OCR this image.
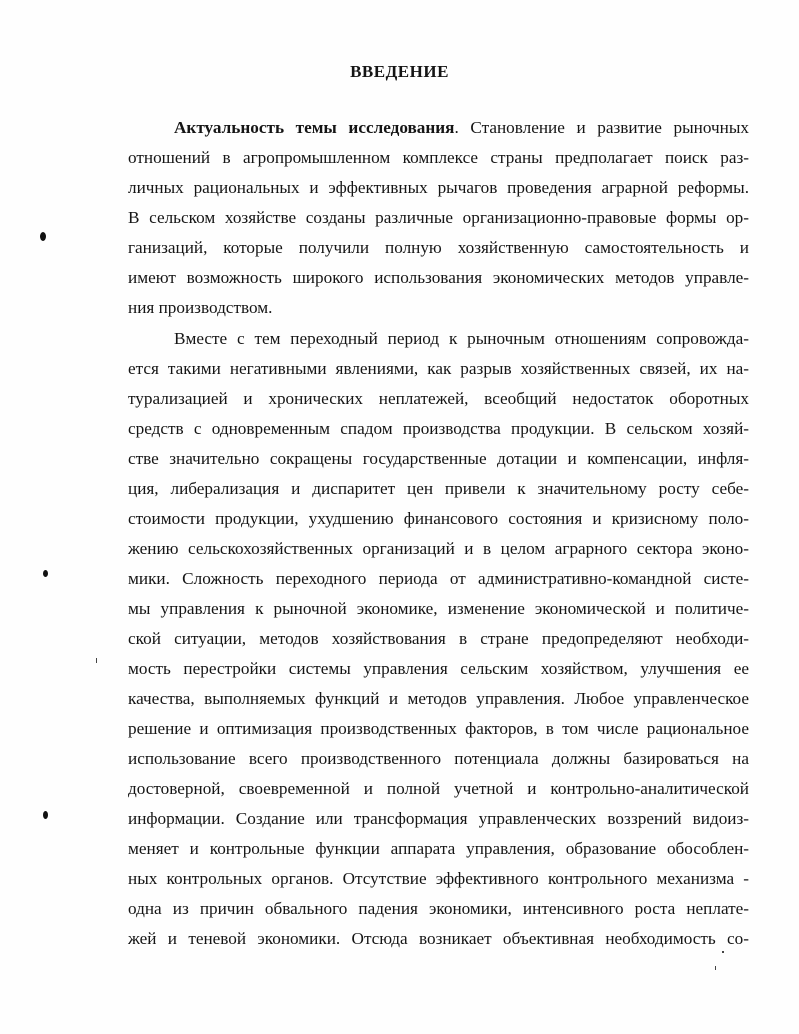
ВВЕДЕНИЕ
Актуальность темы исследования. Становление и развитие рыночных
отношений в агропромышленном комплексе страны предполагает поиск раз-
личных рациональных и эффективных рычагов проведения аграрной реформы.
В сельском хозяйстве созданы различные организационно-правовые формы ор-
ганизаций, которые получили полную хозяйственную самостоятельность и
имеют возможность широкого использования экономических методов управле-
ния производством.
Вместе с тем переходный период к рыночным отношениям сопровожда-
ется такими негативными явлениями, как разрыв хозяйственных связей, их на-
турализацией и хронических неплатежей, всеобщий недостаток оборотных
средств с одновременным спадом производства продукции. В сельском хозяй-
стве значительно сокращены государственные дотации и компенсации, инфля-
ция, либерализация и диспаритет цен привели к значительному росту себе-
стоимости продукции, ухудшению финансового состояния и кризисному поло-
жению сельскохозяйственных организаций и в целом аграрного сектора эконо-
мики. Сложность переходного периода от административно-командной систе-
мы управления к рыночной экономике, изменение экономической и политиче-
ской ситуации, методов хозяйствования в стране предопределяют необходи-
мость перестройки системы управления сельским хозяйством, улучшения ее
качества, выполняемых функций и методов управления. Любое управленческое
решение и оптимизация производственных факторов, в том числе рациональное
использование всего производственного потенциала должны базироваться на
достоверной, своевременной и полной учетной и контрольно-аналитической
информации. Создание или трансформация управленческих воззрений видоиз-
меняет и контрольные функции аппарата управления, образование обособлен-
ных контрольных органов. Отсутствие эффективного контрольного механизма -
одна из причин обвального падения экономики, интенсивного роста неплате-
жей и теневой экономики. Отсюда возникает объективная необходимость со-
